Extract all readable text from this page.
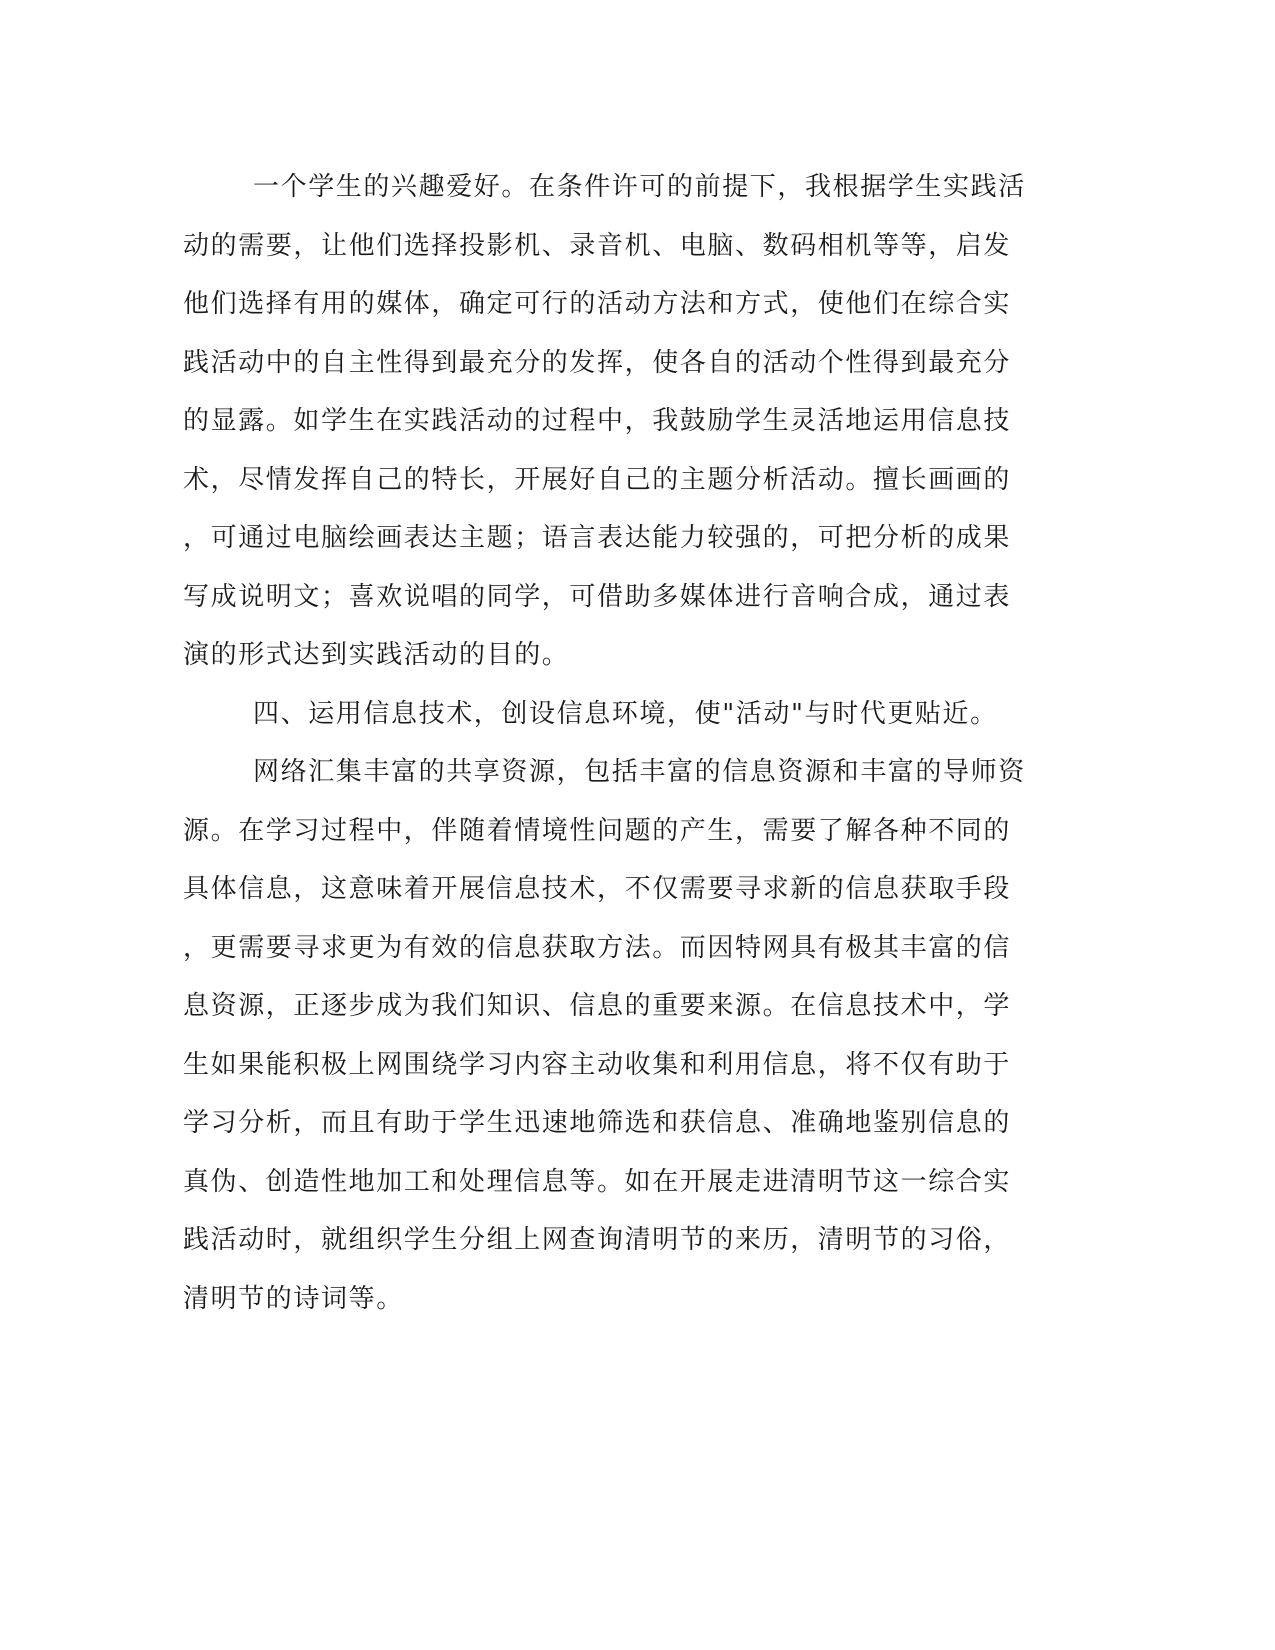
一个学生的兴趣爱好。在条件许可的前提下，我根据学生实践活
动的需要，让他们选择投影机、录音机、电脑、数码相机等等，启发
他们选择有用的媒体，确定可行的活动方法和方式，使他们在综合实
践活动中的自主性得到最充分的发挥，使各自的活动个性得到最充分
的显露。如学生在实践活动的过程中，我鼓励学生灵活地运用信息技
术，尽情发挥自己的特长，开展好自己的主题分析活动。擅长画画的
，可通过电脑绘画表达主题；语言表达能力较强的，可把分析的成果
写成说明文；喜欢说唱的同学，可借助多媒体进行音响合成，通过表
演的形式达到实践活动的目的。
四、运用信息技术，创设信息环境，使"活动"与时代更贴近。
网络汇集丰富的共享资源，包括丰富的信息资源和丰富的导师资
源。在学习过程中，伴随着情境性问题的产生，需要了解各种不同的
具体信息，这意味着开展信息技术，不仅需要寻求新的信息获取手段
，更需要寻求更为有效的信息获取方法。而因特网具有极其丰富的信
息资源，正逐步成为我们知识、信息的重要来源。在信息技术中，学
生如果能积极上网围绕学习内容主动收集和利用信息，将不仅有助于
学习分析，而且有助于学生迅速地筛选和获信息、准确地鉴别信息的
真伪、创造性地加工和处理信息等。如在开展走进清明节这一综合实
践活动时，就组织学生分组上网查询清明节的来历，清明节的习俗，
清明节的诗词等。
